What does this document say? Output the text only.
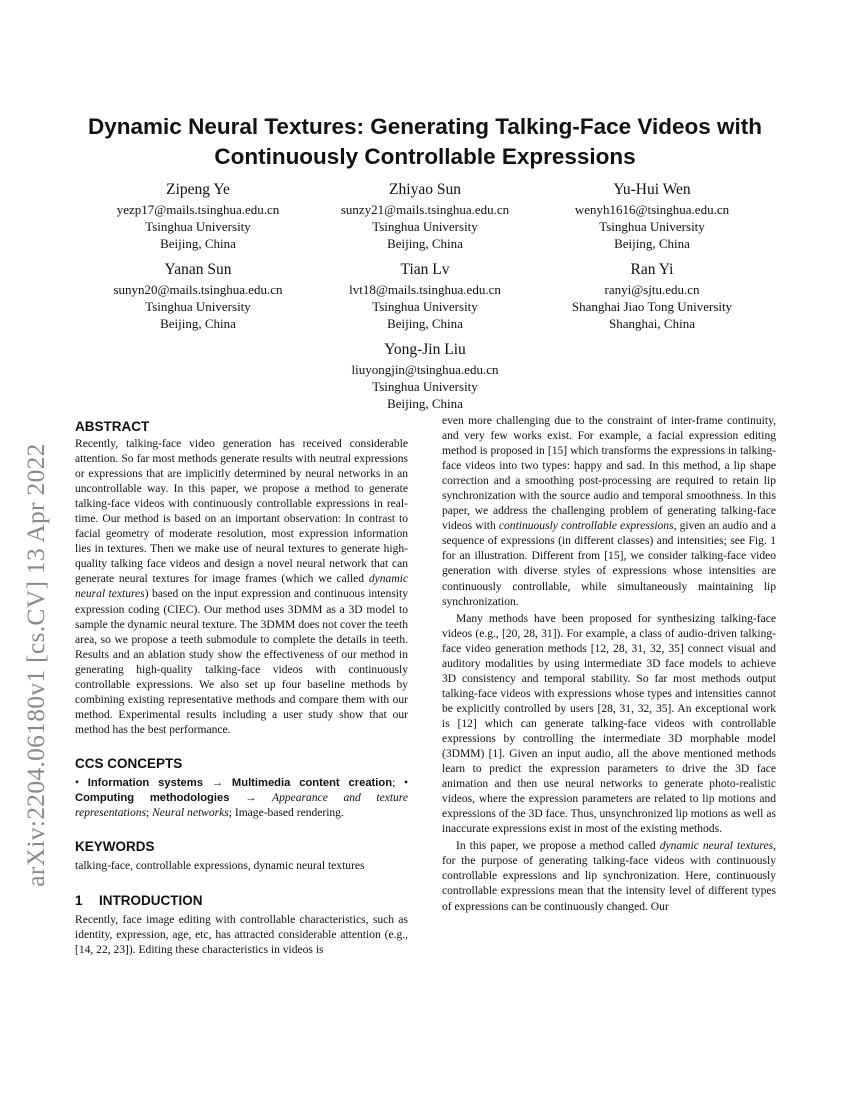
arXiv:2204.06180v1 [cs.CV] 13 Apr 2022
Dynamic Neural Textures: Generating Talking-Face Videos with
Continuously Controllable Expressions
Zipeng Ye
yezp17@mails.tsinghua.edu.cn
Tsinghua University
Beijing, China
Zhiyao Sun
sunzy21@mails.tsinghua.edu.cn
Tsinghua University
Beijing, China
Yu-Hui Wen
wenyh1616@tsinghua.edu.cn
Tsinghua University
Beijing, China
Yanan Sun
sunyn20@mails.tsinghua.edu.cn
Tsinghua University
Beijing, China
Tian Lv
lvt18@mails.tsinghua.edu.cn
Tsinghua University
Beijing, China
Ran Yi
ranyi@sjtu.edu.cn
Shanghai Jiao Tong University
Shanghai, China
Yong-Jin Liu
liuyongjin@tsinghua.edu.cn
Tsinghua University
Beijing, China
ABSTRACT

Recently, talking-face video generation has received considerable attention. So far most methods generate results with neutral expressions or expressions that are implicitly determined by neural networks in an uncontrollable way. In this paper, we propose a method to generate talking-face videos with continuously controllable expressions in real-time. Our method is based on an important observation: In contrast to facial geometry of moderate resolution, most expression information lies in textures. Then we make use of neural textures to generate high-quality talking face videos and design a novel neural network that can generate neural textures for image frames (which we called dynamic neural textures) based on the input expression and continuous intensity expression coding (CIEC). Our method uses 3DMM as a 3D model to sample the dynamic neural texture. The 3DMM does not cover the teeth area, so we propose a teeth submodule to complete the details in teeth. Results and an ablation study show the effectiveness of our method in generating high-quality talking-face videos with continuously controllable expressions. We also set up four baseline methods by combining existing representative methods and compare them with our method. Experimental results including a user study show that our method has the best performance.

CCS CONCEPTS

• Information systems → Multimedia content creation; • Computing methodologies → Appearance and texture representations; Neural networks; Image-based rendering.

KEYWORDS

talking-face, controllable expressions, dynamic neural textures

1 INTRODUCTION

Recently, face image editing with controllable characteristics, such as identity, expression, age, etc, has attracted considerable attention (e.g., [14, 22, 23]). Editing these characteristics in videos is

even more challenging due to the constraint of inter-frame continuity, and very few works exist. For example, a facial expression editing method is proposed in [15] which transforms the expressions in talking-face videos into two types: happy and sad. In this method, a lip shape correction and a smoothing post-processing are required to retain lip synchronization with the source audio and temporal smoothness. In this paper, we address the challenging problem of generating talking-face videos with continuously controllable expressions, given an audio and a sequence of expressions (in different classes) and intensities; see Fig. 1 for an illustration. Different from [15], we consider talking-face video generation with diverse styles of expressions whose intensities are continuously controllable, while simultaneously maintaining lip synchronization.

Many methods have been proposed for synthesizing talking-face videos (e.g., [20, 28, 31]). For example, a class of audio-driven talking-face video generation methods [12, 28, 31, 32, 35] connect visual and auditory modalities by using intermediate 3D face models to achieve 3D consistency and temporal stability. So far most methods output talking-face videos with expressions whose types and intensities cannot be explicitly controlled by users [28, 31, 32, 35]. An exceptional work is [12] which can generate talking-face videos with controllable expressions by controlling the intermediate 3D morphable model (3DMM) [1]. Given an input audio, all the above mentioned methods learn to predict the expression parameters to drive the 3D face animation and then use neural networks to generate photo-realistic videos, where the expression parameters are related to lip motions and expressions of the 3D face. Thus, unsynchronized lip motions as well as inaccurate expressions exist in most of the existing methods.

In this paper, we propose a method called dynamic neural textures, for the purpose of generating talking-face videos with continuously controllable expressions and lip synchronization. Here, continuously controllable expressions mean that the intensity level of different types of expressions can be continuously changed. Our
